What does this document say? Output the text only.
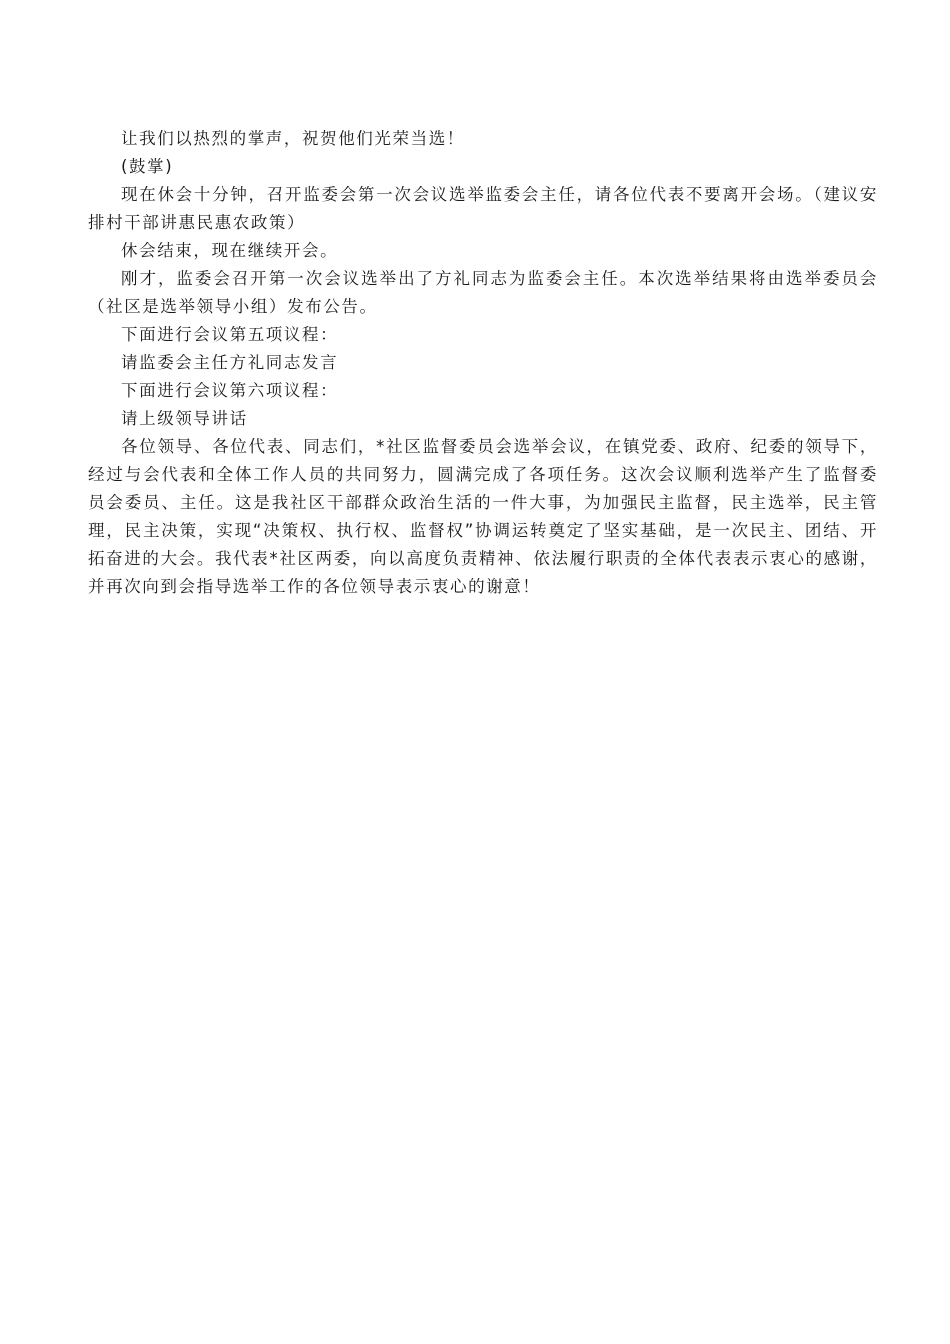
让我们以热烈的掌声，祝贺他们光荣当选！

(鼓掌)

现在休会十分钟，召开监委会第一次会议选举监委会主任，请各位代表不要离开会场。（建议安排村干部讲惠民惠农政策）

休会结束，现在继续开会。

刚才，监委会召开第一次会议选举出了方礼同志为监委会主任。本次选举结果将由选举委员会（社区是选举领导小组）发布公告。

下面进行会议第五项议程：

请监委会主任方礼同志发言

下面进行会议第六项议程：

请上级领导讲话

各位领导、各位代表、同志们，*社区监督委员会选举会议，在镇党委、政府、纪委的领导下，经过与会代表和全体工作人员的共同努力，圆满完成了各项任务。这次会议顺利选举产生了监督委员会委员、主任。这是我社区干部群众政治生活的一件大事，为加强民主监督，民主选举，民主管理，民主决策，实现“决策权、执行权、监督权”协调运转奠定了坚实基础，是一次民主、团结、开拓奋进的大会。我代表*社区两委，向以高度负责精神、依法履行职责的全体代表表示衷心的感谢，并再次向到会指导选举工作的各位领导表示衷心的谢意！
